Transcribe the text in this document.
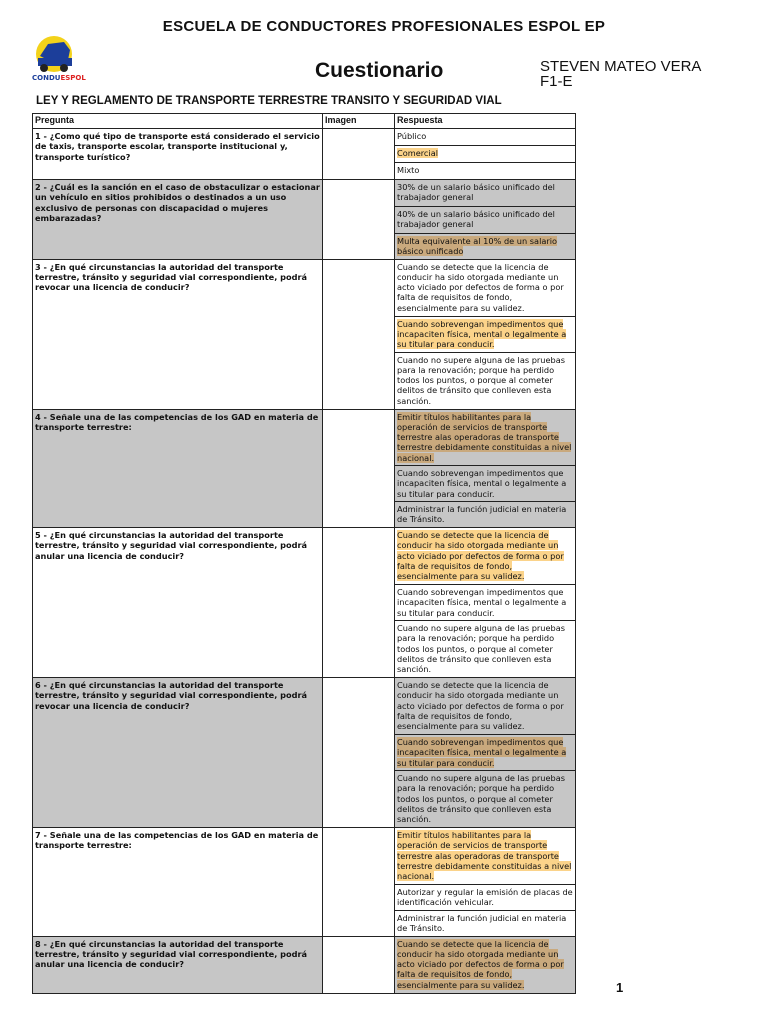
ESCUELA DE CONDUCTORES PROFESIONALES ESPOL EP
CONDUESPOL	Cuestionario	STEVEN MATEO VERA
F1-E
LEY Y REGLAMENTO DE TRANSPORTE TERRESTRE TRANSITO Y SEGURIDAD VIAL
Pregunta	Imagen	Respuesta
1 - ¿Como qué tipo de transporte está considerado el servicio de taxis, transporte escolar, transporte institucional y, transporte turístico?		Público
		Comercial
		Mixto
2 - ¿Cuál es la sanción en el caso de obstaculizar o estacionar un vehículo en sitios prohibidos o destinados a un uso exclusivo de personas con discapacidad o mujeres embarazadas?		30% de un salario básico unificado del trabajador general
		40% de un salario básico unificado del trabajador general
		Multa equivalente al 10% de un salario básico unificado
3 - ¿En qué circunstancias la autoridad del transporte terrestre, tránsito y seguridad vial correspondiente, podrá revocar una licencia de conducir?		Cuando se detecte que la licencia de conducir ha sido otorgada mediante un acto viciado por defectos de forma o por falta de requisitos de fondo, esencialmente para su validez.
		Cuando sobrevengan impedimentos que incapaciten física, mental o legalmente a su titular para conducir.
		Cuando no supere alguna de las pruebas para la renovación; porque ha perdido todos los puntos, o porque al cometer delitos de tránsito que conlleven esta sanción.
4 - Señale una de las competencias de los GAD en materia de transporte terrestre:		Emitir títulos habilitantes para la operación de servicios de transporte terrestre alas operadoras de transporte terrestre debidamente constituidas a nivel nacional.
		Cuando sobrevengan impedimentos que incapaciten física, mental o legalmente a su titular para conducir.
		Administrar la función judicial en materia de Tránsito.
5 - ¿En qué circunstancias la autoridad del transporte terrestre, tránsito y seguridad vial correspondiente, podrá anular una licencia de conducir?		Cuando se detecte que la licencia de conducir ha sido otorgada mediante un acto viciado por defectos de forma o por falta de requisitos de fondo, esencialmente para su validez.
		Cuando sobrevengan impedimentos que incapaciten física, mental o legalmente a su titular para conducir.
		Cuando no supere alguna de las pruebas para la renovación; porque ha perdido todos los puntos, o porque al cometer delitos de tránsito que conlleven esta sanción.
6 - ¿En qué circunstancias la autoridad del transporte terrestre, tránsito y seguridad vial correspondiente, podrá revocar una licencia de conducir?		Cuando se detecte que la licencia de conducir ha sido otorgada mediante un acto viciado por defectos de forma o por falta de requisitos de fondo, esencialmente para su validez.
		Cuando sobrevengan impedimentos que incapaciten física, mental o legalmente a su titular para conducir.
		Cuando no supere alguna de las pruebas para la renovación; porque ha perdido todos los puntos, o porque al cometer delitos de tránsito que conlleven esta sanción.
7 - Señale una de las competencias de los GAD en materia de transporte terrestre:		Emitir títulos habilitantes para la operación de servicios de transporte terrestre alas operadoras de transporte terrestre debidamente constituidas a nivel nacional.
		Autorizar y regular la emisión de placas de identificación vehicular.
		Administrar la función judicial en materia de Tránsito.
8 - ¿En qué circunstancias la autoridad del transporte terrestre, tránsito y seguridad vial correspondiente, podrá anular una licencia de conducir?		Cuando se detecte que la licencia de conducir ha sido otorgada mediante un acto viciado por defectos de forma o por falta de requisitos de fondo, esencialmente para su validez.	1
